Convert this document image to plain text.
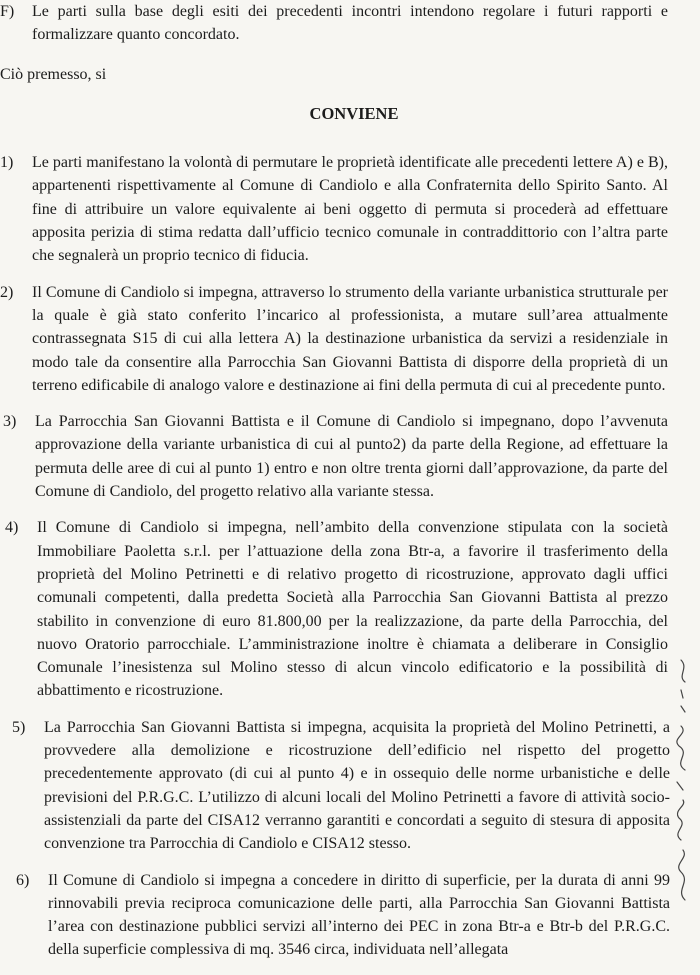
F) Le parti sulla base degli esiti dei precedenti incontri intendono regolare i futuri rapporti e formalizzare quanto concordato.
Ciò premesso, si
CONVIENE
1) Le parti manifestano la volontà di permutare le proprietà identificate alle precedenti lettere A) e B), appartenenti rispettivamente al Comune di Candiolo e alla Confraternita dello Spirito Santo. Al fine di attribuire un valore equivalente ai beni oggetto di permuta si procederà ad effettuare apposita perizia di stima redatta dall’ufficio tecnico comunale in contraddittorio con l’altra parte che segnalerà un proprio tecnico di fiducia.
2) Il Comune di Candiolo si impegna, attraverso lo strumento della variante urbanistica strutturale per la quale è già stato conferito l’incarico al professionista, a mutare sull’area attualmente contrassegnata S15 di cui alla lettera A) la destinazione urbanistica da servizi a residenziale in modo tale da consentire alla Parrocchia San Giovanni Battista di disporre della proprietà di un terreno edificabile di analogo valore e destinazione ai fini della permuta di cui al precedente punto.
3) La Parrocchia San Giovanni Battista e il Comune di Candiolo si impegnano, dopo l’avvenuta approvazione della variante urbanistica di cui al punto2) da parte della Regione, ad effettuare la permuta delle aree di cui al punto 1) entro e non oltre trenta giorni dall’approvazione, da parte del Comune di Candiolo, del progetto relativo alla variante stessa.
4) Il Comune di Candiolo si impegna, nell’ambito della convenzione stipulata con la società Immobiliare Paoletta s.r.l. per l’attuazione della zona Btr-a, a favorire il trasferimento della proprietà del Molino Petrinetti e di relativo progetto di ricostruzione, approvato dagli uffici comunali competenti, dalla predetta Società alla Parrocchia San Giovanni Battista al prezzo stabilito in convenzione di euro 81.800,00 per la realizzazione, da parte della Parrocchia, del nuovo Oratorio parrocchiale. L’amministrazione inoltre è chiamata a deliberare in Consiglio Comunale l’inesistenza sul Molino stesso di alcun vincolo edificatorio e la possibilità di abbattimento e ricostruzione.
5) La Parrocchia San Giovanni Battista si impegna, acquisita la proprietà del Molino Petrinetti, a provvedere alla demolizione e ricostruzione dell’edificio nel rispetto del progetto precedentemente approvato (di cui al punto 4) e in ossequio delle norme urbanistiche e delle previsioni del P.R.G.C. L’utilizzo di alcuni locali del Molino Petrinetti a favore di attività socio-assistenziali da parte del CISA12 verranno garantiti e concordati a seguito di stesura di apposita convenzione tra Parrocchia di Candiolo e CISA12 stesso.
6) Il Comune di Candiolo si impegna a concedere in diritto di superficie, per la durata di anni 99 rinnovabili previa reciproca comunicazione delle parti, alla Parrocchia San Giovanni Battista l’area con destinazione pubblici servizi all’interno dei PEC in zona Btr-a e Btr-b del P.R.G.C. della superficie complessiva di mq. 3546 circa, individuata nell’allegata
